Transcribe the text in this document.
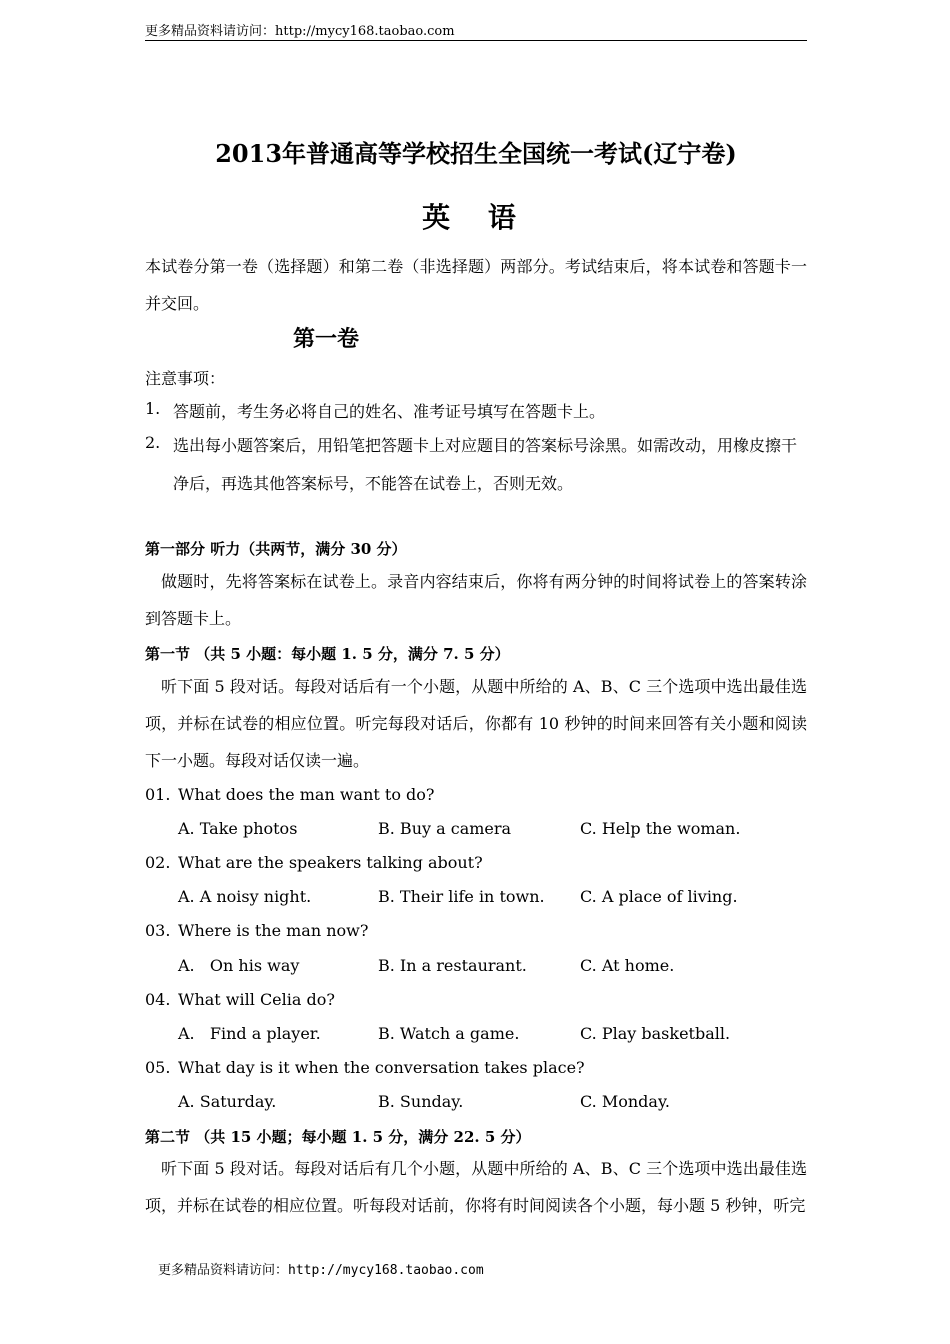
更多精品资料请访问：http://mycy168.taobao.com
2013年普通高等学校招生全国统一考试(辽宁卷)
英 语
本试卷分第一卷（选择题）和第二卷（非选择题）两部分。考试结束后，将本试卷和答题卡一并交回。
第一卷
注意事项：
1. 答题前，考生务必将自己的姓名、准考证号填写在答题卡上。
2. 选出每小题答案后，用铅笔把答题卡上对应题目的答案标号涂黑。如需改动，用橡皮擦干
净后，再选其他答案标号，不能答在试卷上，否则无效。
第一部分 听力（共两节，满分 30 分）
做题时，先将答案标在试卷上。录音内容结束后，你将有两分钟的时间将试卷上的答案转涂到答题卡上。
第一节 （共 5 小题：每小题 1. 5 分，满分 7. 5 分）
听下面 5 段对话。每段对话后有一个小题，从题中所给的 A、B、C 三个选项中选出最佳选项，并标在试卷的相应位置。听完每段对话后，你都有 10 秒钟的时间来回答有关小题和阅读下一小题。每段对话仅读一遍。
01. What does the man want to do?
A. Take photos	B. Buy a camera	C. Help the woman.
02. What are the speakers talking about?
A. A noisy night.	B. Their life in town. C. A place of living.
03. Where is the man now?
A.   On his way	B. In a restaurant.	C. At home.
04. What will Celia do?
A.   Find a player.	B. Watch a game.	C. Play basketball.
05. What day is it when the conversation takes place?
A. Saturday.	B. Sunday.	C. Monday.
第二节 （共 15 小题；每小题 1. 5 分，满分 22. 5 分）
听下面 5 段对话。每段对话后有几个小题，从题中所给的 A、B、C 三个选项中选出最佳选项，并标在试卷的相应位置。听每段对话前，你将有时间阅读各个小题，每小题 5 秒钟，听完
更多精品资料请访问：http://mycy168.taobao.com
